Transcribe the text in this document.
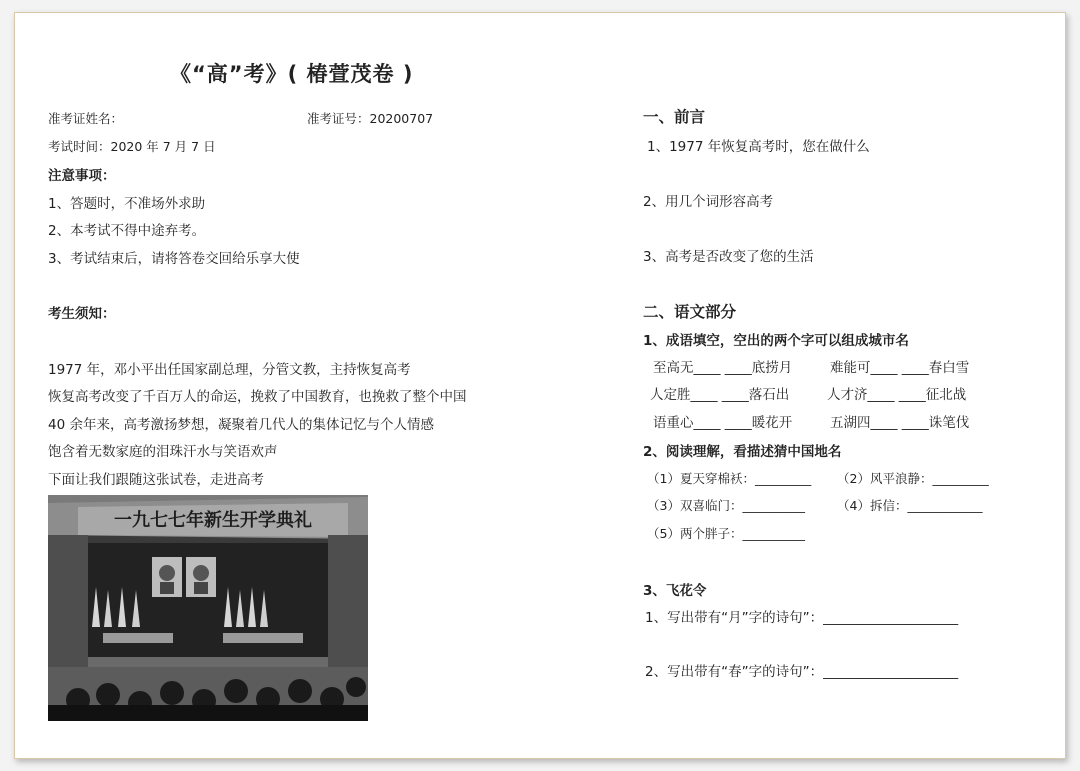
《“高”考》( 椿萱茂卷 )
准考证姓名：	准考证号：20200707
考试时间：2020 年 7 月 7 日
注意事项：
1、答题时，不准场外求助
2、本考试不得中途弃考。
3、考试结束后，请将答卷交回给乐享大使
考生须知：
1977 年，邓小平出任国家副总理，分管文教，主持恢复高考
恢复高考改变了千百万人的命运，挽救了中国教育，也挽救了整个中国
40 余年来，高考激扬梦想，凝聚着几代人的集体记忆与个人情感
饱含着无数家庭的泪珠汗水与笑语欢声
下面让我们跟随这张试卷，走进高考
一九七七年新生开学典礼
一、前言
1、1977 年恢复高考时，您在做什么
2、用几个词形容高考
3、高考是否改变了您的生活
二、语文部分
1、成语填空，空出的两个字可以组成城市名
至高无____ ____底捞月	难能可____ ____春白雪
人定胜____ ____落石出	人才济____ ____征北战
语重心____ ____暖花开	五湖四____ ____诛笔伐
2、阅读理解，看描述猜中国地名
（1）夏天穿棉袄：_________ （2）风平浪静：_________
（3）双喜临门：__________	（4）拆信：____________
（5）两个胖子：__________
3、飞花令
1、写出带有“月”字的诗句”：____________________
2、写出带有“春”字的诗句”：____________________
